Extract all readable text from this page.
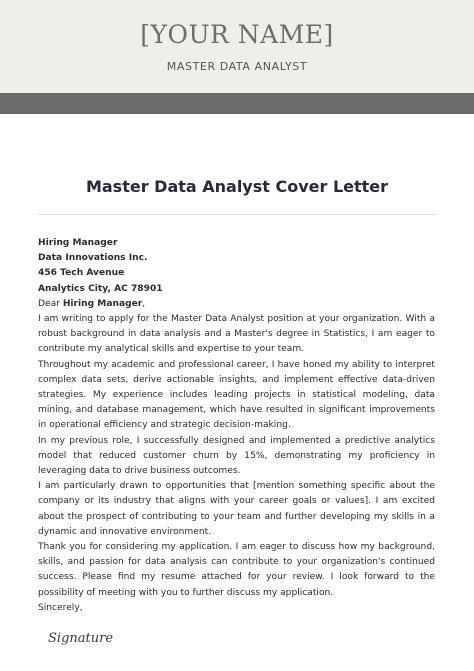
[YOUR NAME]
MASTER DATA ANALYST
Master Data Analyst Cover Letter
Hiring Manager
Data Innovations Inc.
456 Tech Avenue
Analytics City, AC 78901
Dear Hiring Manager,
I am writing to apply for the Master Data Analyst position at your organization. With a robust background in data analysis and a Master's degree in Statistics, I am eager to contribute my analytical skills and expertise to your team.
Throughout my academic and professional career, I have honed my ability to interpret complex data sets, derive actionable insights, and implement effective data-driven strategies. My experience includes leading projects in statistical modeling, data mining, and database management, which have resulted in significant improvements in operational efficiency and strategic decision-making.
In my previous role, I successfully designed and implemented a predictive analytics model that reduced customer churn by 15%, demonstrating my proficiency in leveraging data to drive business outcomes.
I am particularly drawn to opportunities that [mention something specific about the company or its industry that aligns with your career goals or values]. I am excited about the prospect of contributing to your team and further developing my skills in a dynamic and innovative environment.
Thank you for considering my application. I am eager to discuss how my background, skills, and passion for data analysis can contribute to your organization's continued success. Please find my resume attached for your review. I look forward to the possibility of meeting with you to further discuss my application.
Sincerely,
Signature
